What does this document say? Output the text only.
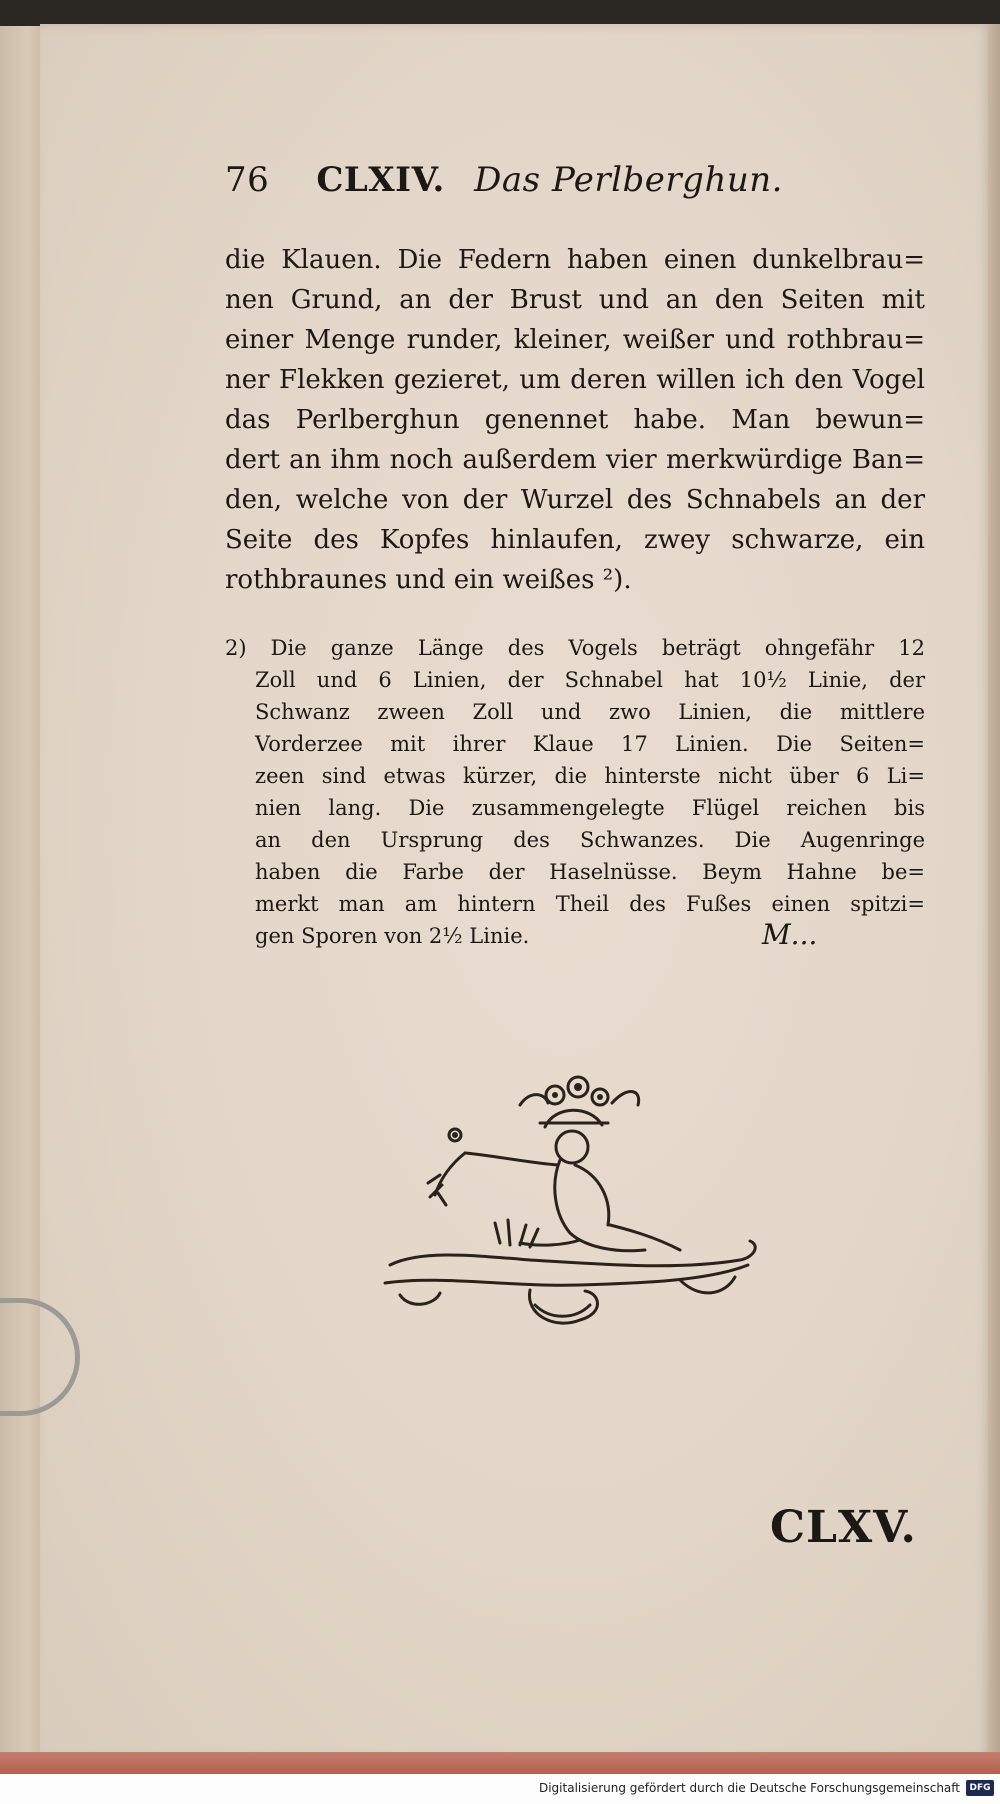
76 CLXIV. Das Perlberghun.
die Klauen. Die Federn haben einen dunkelbrau=
nen Grund, an der Brust und an den Seiten mit
einer Menge runder, kleiner, weißer und rothbrau=
ner Flekken gezieret, um deren willen ich den Vogel
das Perlberghun genennet habe. Man bewun=
dert an ihm noch außerdem vier merkwürdige Ban=
den, welche von der Wurzel des Schnabels an der
Seite des Kopfes hinlaufen, zwey schwarze, ein
rothbraunes und ein weißes ²).
2) Die ganze Länge des Vogels beträgt ohngefähr 12
Zoll und 6 Linien, der Schnabel hat 10½ Linie, der
Schwanz zween Zoll und zwo Linien, die mittlere
Vorderzee mit ihrer Klaue 17 Linien. Die Seiten=
zeen sind etwas kürzer, die hinterste nicht über 6 Li=
nien lang. Die zusammengelegte Flügel reichen bis
an den Ursprung des Schwanzes. Die Augenringe
haben die Farbe der Haselnüsse. Beym Hahne be=
merkt man am hintern Theil des Fußes einen spitzi=
gen Sporen von 2½ Linie.	M...
CLXV.
Digitalisierung gefördert durch die Deutsche Forschungsgemeinschaft	DFG
